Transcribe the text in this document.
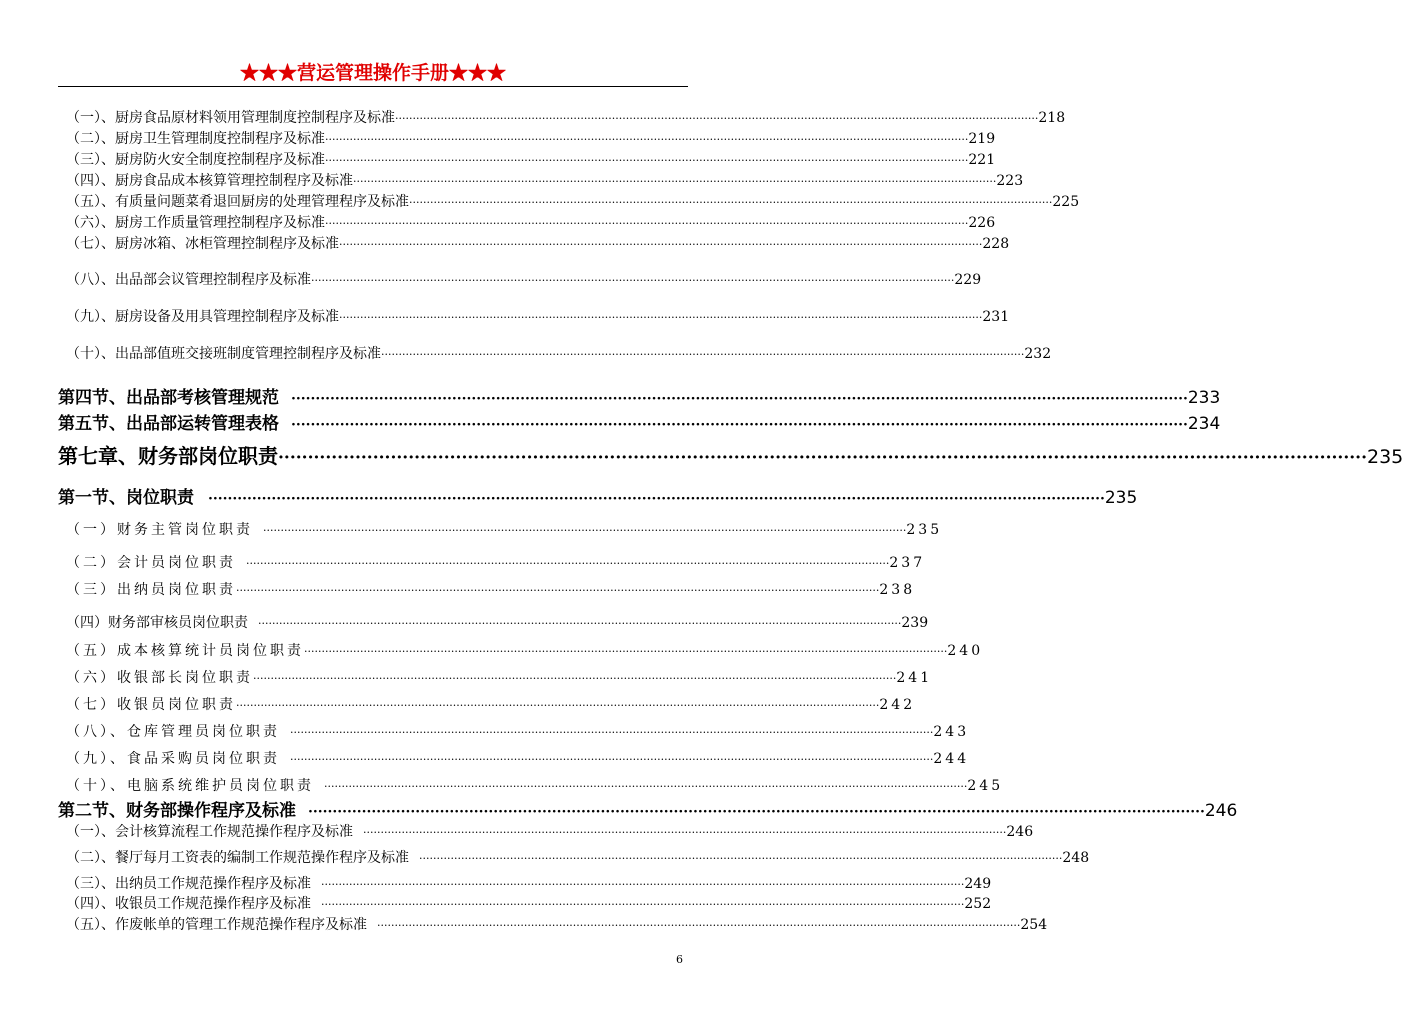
★★★营运管理操作手册★★★
（一）、厨房食品原材料领用管理制度控制程序及标准 ·····	218
（二）、厨房卫生管理制度控制程序及标准 ·····	219
（三）、厨房防火安全制度控制程序及标准 ·····	221
（四）、厨房食品成本核算管理控制程序及标准 ·····	223
（五）、有质量问题菜肴退回厨房的处理管理程序及标准 ·····	225
（六）、厨房工作质量管理控制程序及标准 ·····	226
（七）、厨房冰箱、冰柜管理控制程序及标准 ·····	228
（八）、出品部会议管理控制程序及标准 ·····	229
（九）、厨房设备及用具管理控制程序及标准 ·····	231
（十）、出品部值班交接班制度管理控制程序及标准 ·····	232
第四节、出品部考核管理规范 ·····	233
第五节、出品部运转管理表格 ·····	234
第七章、财务部岗位职责 ·····	235
第一节、岗位职责 ·····	235
（一）财务主管岗位职责 ·····	235
（二）会计员岗位职责 ·····	237
（三）出纳员岗位职责 ·····	238
（四）财务部审核员岗位职责 ·····	239
（五）成本核算统计员岗位职责 ·····	240
（六）收银部长岗位职责 ·····	241
（七）收银员岗位职责 ·····	242
（八）、仓库管理员岗位职责 ·····	243
（九）、食品采购员岗位职责 ·····	244
（十）、电脑系统维护员岗位职责 ·····	245
第二节、财务部操作程序及标准 ·····	246
（一）、会计核算流程工作规范操作程序及标准 ·····	246
（二）、餐厅每月工资表的编制工作规范操作程序及标准 ·····	248
（三）、出纳员工作规范操作程序及标准 ·····	249
（四）、收银员工作规范操作程序及标准 ·····	252
（五）、作废帐单的管理工作规范操作程序及标准 ·····	254
6
